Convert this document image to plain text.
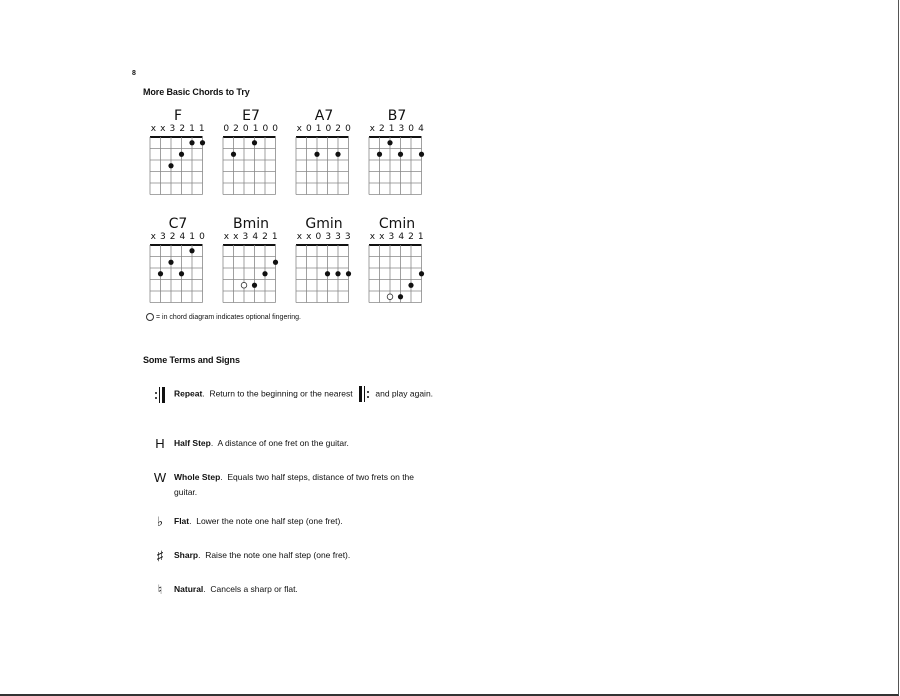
8
More Basic Chords to Try
F
x x 3 2 1 1
E7
0 2 0 1 0 0
A7
x 0 1 0 2 0
B7
x 2 1 3 0 4
C7
x 3 2 4 1 0
Bmin
x x 3 4 2 1
Gmin
x x 0 3 3 3
Cmin
x x 3 4 2 1
= in chord diagram indicates optional fingering.
Some Terms and Signs
Repeat.  Return to the beginning or the nearest	and play again.
H	Half Step.  A distance of one fret on the guitar.
W Whole Step.  Equals two half steps, distance of two frets on the guitar.
♭	Flat.  Lower the note one half step (one fret).
♯	Sharp.  Raise the note one half step (one fret).
♮	Natural.  Cancels a sharp or flat.
